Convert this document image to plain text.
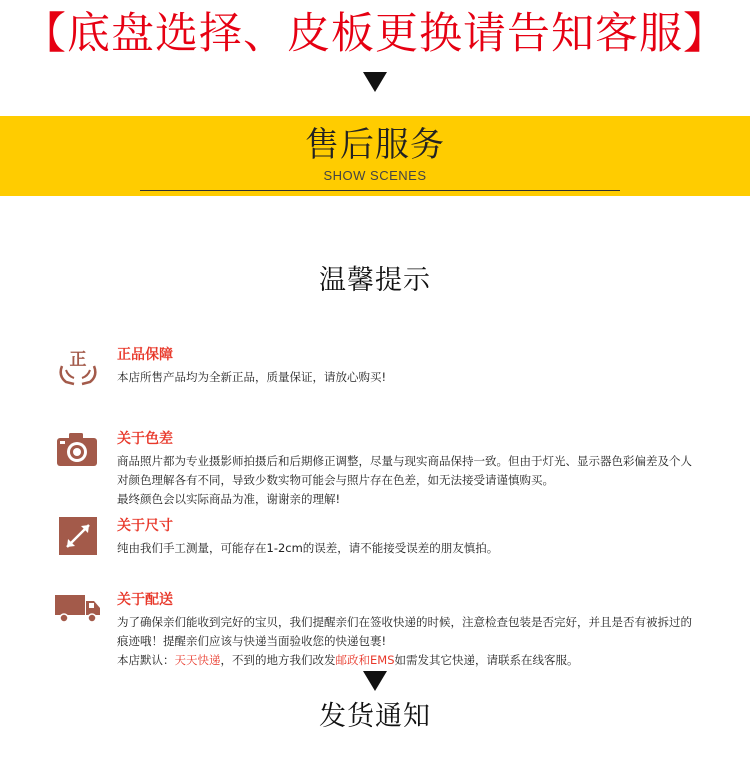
【底盘选择、皮板更换请告知客服】
售后服务
SHOW SCENES
温馨提示
正 正品保障

本店所售产品均为全新正品，质量保证，请放心购买!

关于色差

商品照片都为专业摄影师拍摄后和后期修正调整，尽量与现实商品保持一致。但由于灯光、显示器色彩偏差及个人

对颜色理解各有不同，导致少数实物可能会与照片存在色差，如无法接受请谨慎购买。

最终颜色会以实际商品为准，谢谢亲的理解!

关于尺寸

纯由我们手工测量，可能存在1-2cm的误差，请不能接受误差的朋友慎拍。

关于配送

为了确保亲们能收到完好的宝贝，我们提醒亲们在签收快递的时候，注意检查包装是否完好，并且是否有被拆过的

痕迹哦！提醒亲们应该与快递当面验收您的快递包裹!

本店默认：天天快递，不到的地方我们改发邮政和EMS如需发其它快递，请联系在线客服。

发货通知
